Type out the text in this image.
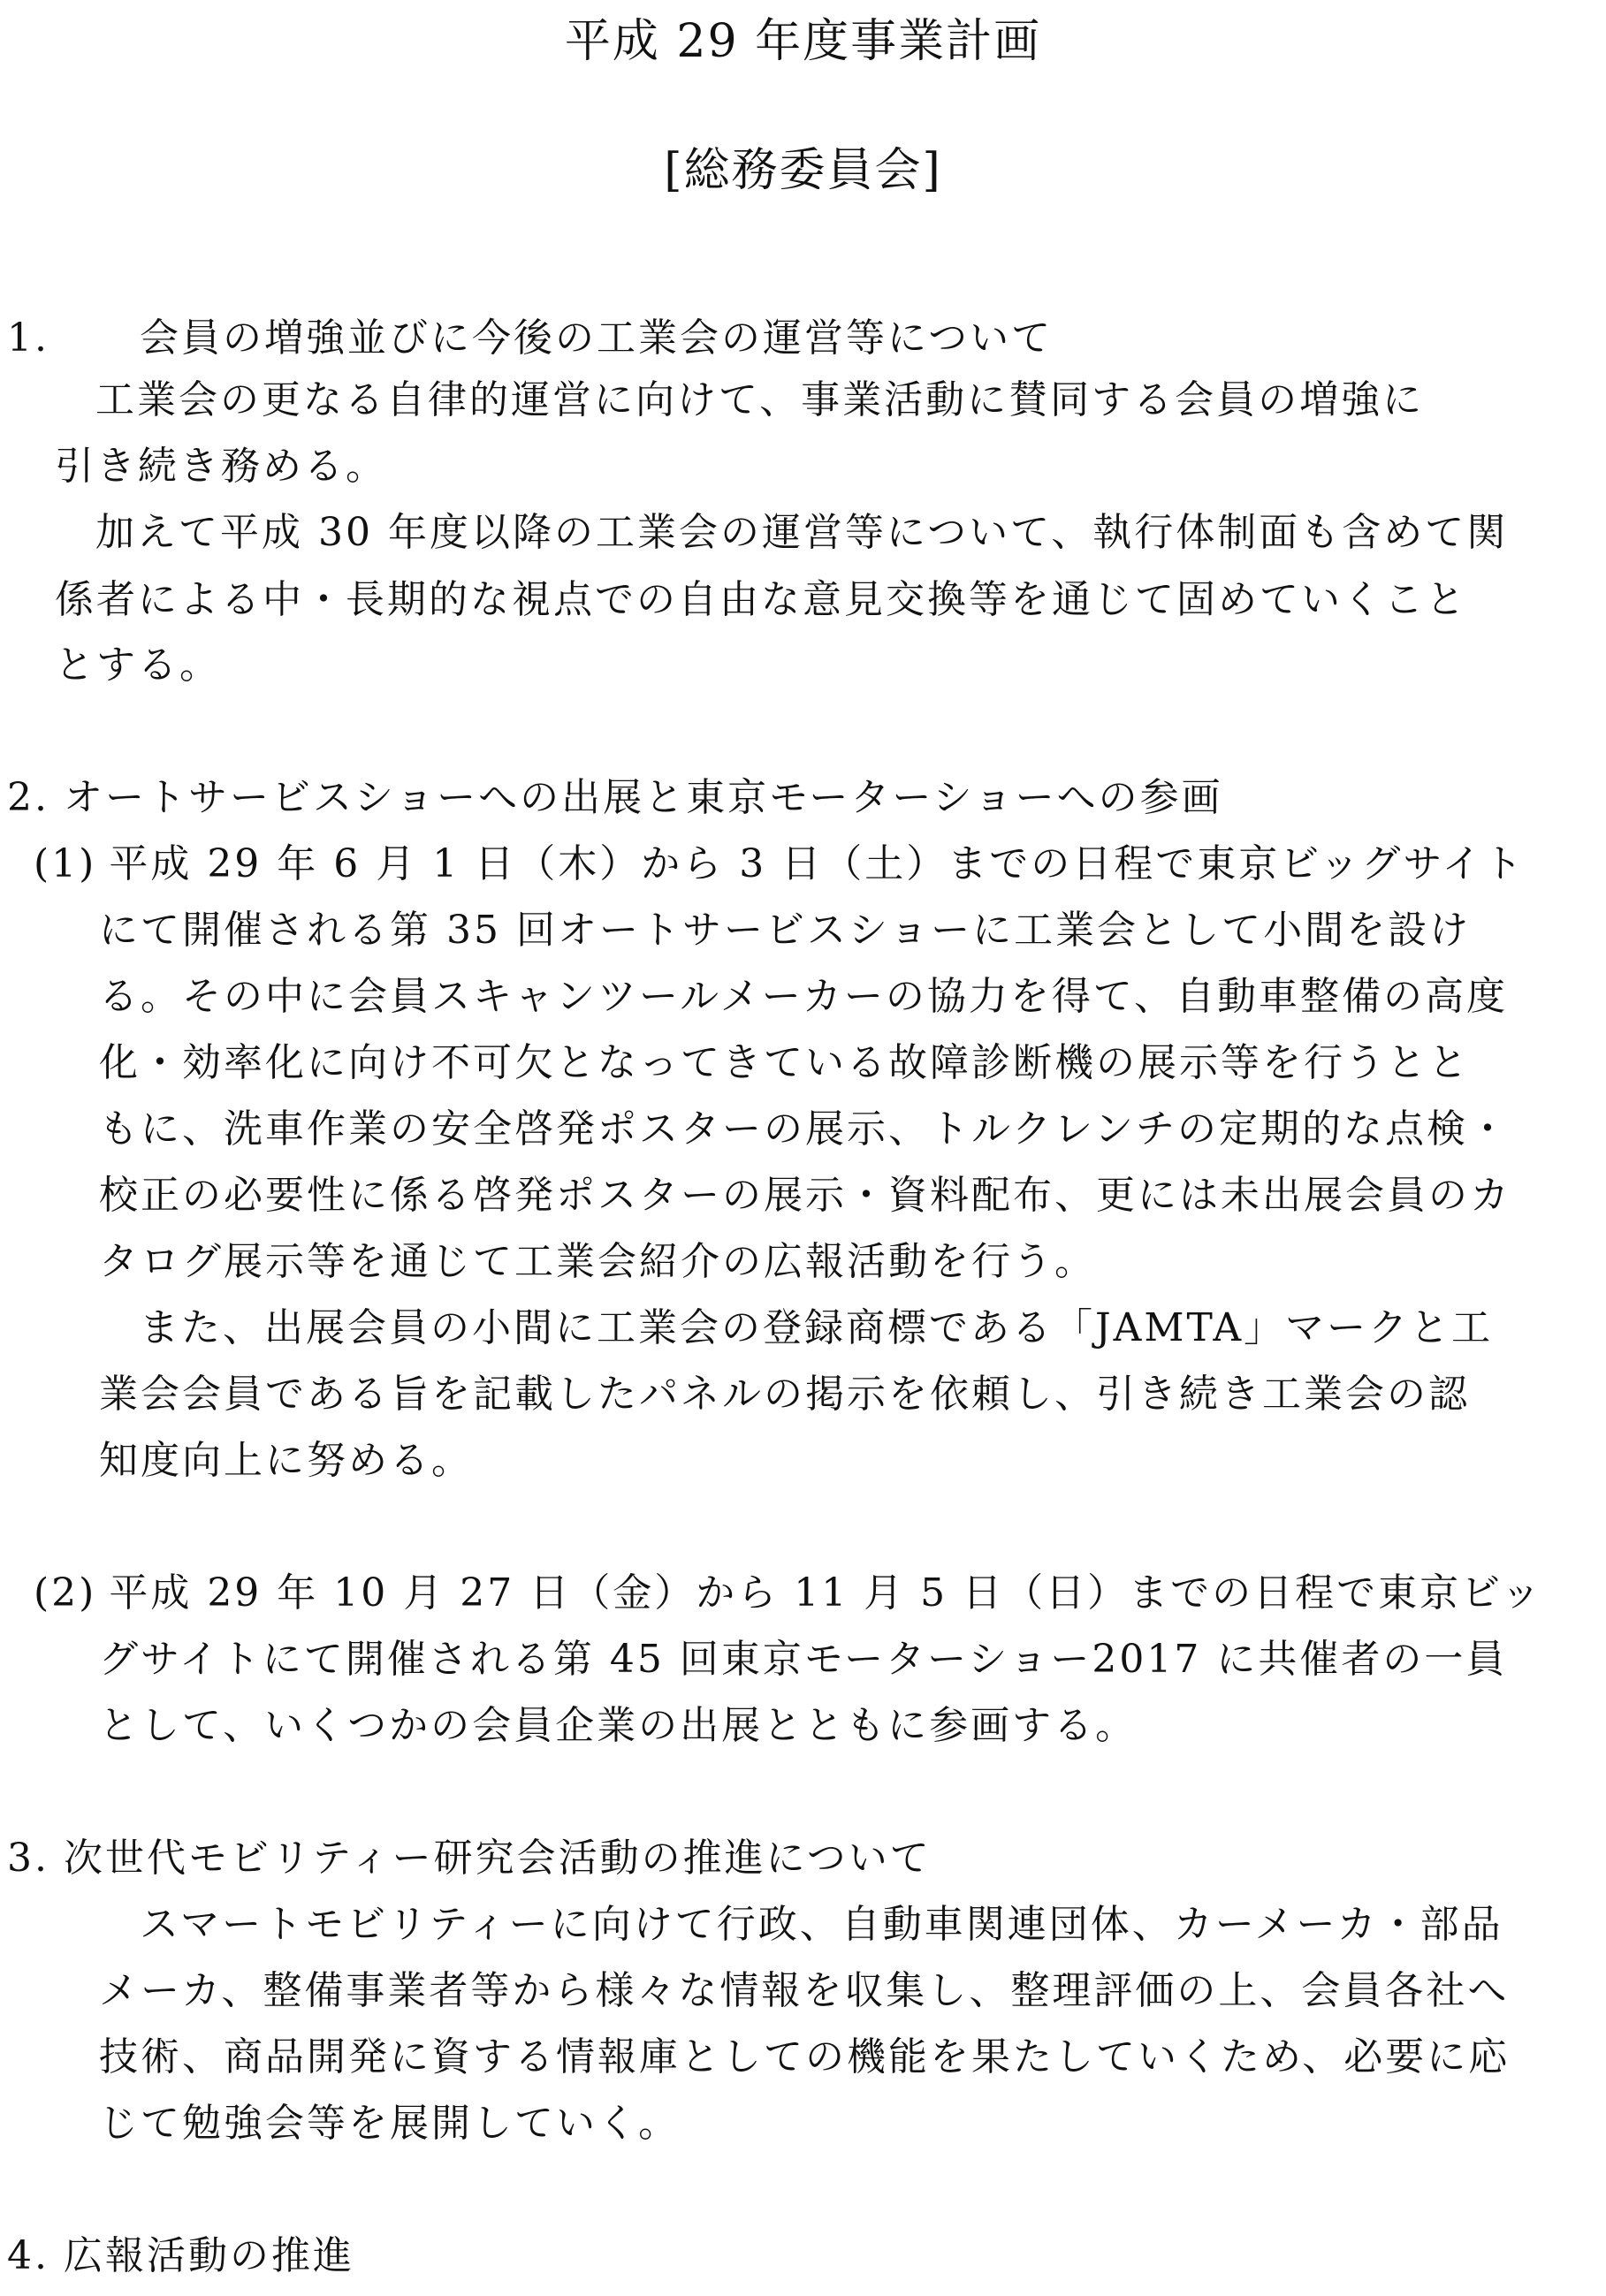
平成 29 年度事業計画
[総務委員会]
1. 会員の増強並びに今後の工業会の運営等について
工業会の更なる自律的運営に向けて、事業活動に賛同する会員の増強に
引き続き務める。
加えて平成 30 年度以降の工業会の運営等について、執行体制面も含めて関
係者による中・長期的な視点での自由な意見交換等を通じて固めていくこと
とする。
2. オートサービスショーへの出展と東京モーターショーへの参画
(1) 平成 29 年 6 月 1 日（木）から 3 日（土）までの日程で東京ビッグサイト
にて開催される第 35 回オートサービスショーに工業会として小間を設け
る。その中に会員スキャンツールメーカーの協力を得て、自動車整備の高度
化・効率化に向け不可欠となってきている故障診断機の展示等を行うとと
もに、洗車作業の安全啓発ポスターの展示、トルクレンチの定期的な点検・
校正の必要性に係る啓発ポスターの展示・資料配布、更には未出展会員のカ
タログ展示等を通じて工業会紹介の広報活動を行う。
また、出展会員の小間に工業会の登録商標である「JAMTA」マークと工
業会会員である旨を記載したパネルの掲示を依頼し、引き続き工業会の認
知度向上に努める。
(2) 平成 29 年 10 月 27 日（金）から 11 月 5 日（日）までの日程で東京ビッ
グサイトにて開催される第 45 回東京モーターショー2017 に共催者の一員
として、いくつかの会員企業の出展とともに参画する。
3. 次世代モビリティー研究会活動の推進について
スマートモビリティーに向けて行政、自動車関連団体、カーメーカ・部品
メーカ、整備事業者等から様々な情報を収集し、整理評価の上、会員各社へ
技術、商品開発に資する情報庫としての機能を果たしていくため、必要に応
じて勉強会等を展開していく。
4. 広報活動の推進
